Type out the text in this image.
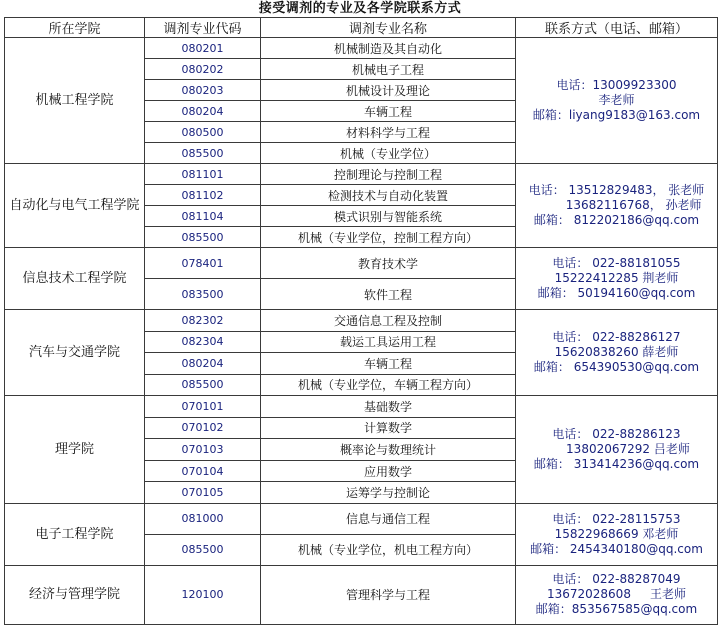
接受调剂的专业及各学院联系方式
所在学院	调剂专业代码	调剂专业名称	联系方式（电话、邮箱）
机械工程学院	080201	机械制造及其自动化	电话：13009923300
李老师
邮箱：liyang9183@163.com

	080202	机械电子工程	
	080203	机械设计及理论	
	080204	车辆工程	
	080500	材料科学与工程	
	085500	机械（专业学位）	
自动化与电气工程学院	081101	控制理论与控制工程	电话： 13512829483， 张老师
13682116768， 孙老师
邮箱： 812202186@qq.com

	081102	检测技术与自动化装置	
	081104	模式识别与智能系统	
	085500	机械（专业学位，控制工程方向）	
信息技术工程学院	078401	教育技术学	电话： 022-88181055
15222412285 荆老师
邮箱： 50194160@qq.com

	083500	软件工程	
汽车与交通学院	082302	交通信息工程及控制	电话： 022-88286127
15620838260 薛老师
邮箱： 654390530@qq.com

	082304	载运工具运用工程	
	080204	车辆工程	
	085500	机械（专业学位，车辆工程方向）	
理学院	070101	基础数学	电话： 022-88286123
13802067292 吕老师
邮箱： 313414236@qq.com

	070102	计算数学	
	070103	概率论与数理统计	
	070104	应用数学	
	070105	运筹学与控制论	
电子工程学院	081000	信息与通信工程	电话： 022-28115753
15822968669 邓老师
邮箱： 2454340180@qq.com

	085500	机械（专业学位，机电工程方向）	
经济与管理学院	120100	管理科学与工程	电话： 022-88287049
13672028608     王老师
邮箱：853567585@qq.com
